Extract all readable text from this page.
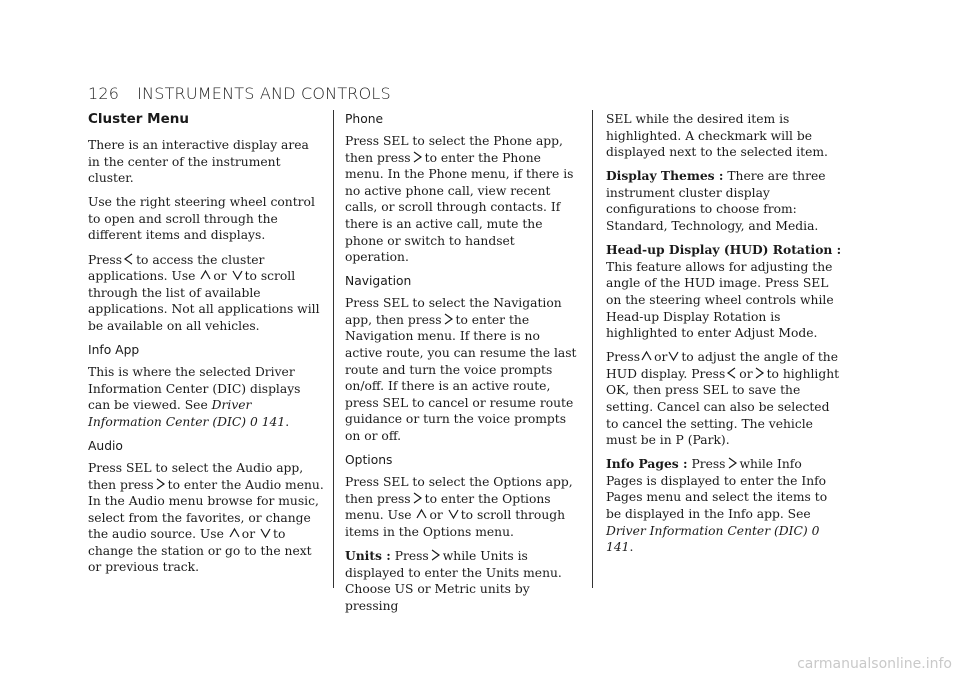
126 INSTRUMENTS AND CONTROLS
Cluster Menu

There is an interactive display area in the center of the instrument cluster.

Use the right steering wheel control to open and scroll through the different items and displays.

Press to access the cluster applications. Use or to scroll through the list of available applications. Not all applications will be available on all vehicles.

Info App

This is where the selected Driver Information Center (DIC) displays can be viewed. See Driver Information Center (DIC) 0 141.

Audio

Press SEL to select the Audio app, then press to enter the Audio menu. In the Audio menu browse for music, select from the favorites, or change the audio source. Use or to change the station or go to the next or previous track.

Phone

Press SEL to select the Phone app, then press to enter the Phone menu. In the Phone menu, if there is no active phone call, view recent calls, or scroll through contacts. If there is an active call, mute the phone or switch to handset operation.

Navigation

Press SEL to select the Navigation app, then press to enter the Navigation menu. If there is no active route, you can resume the last route and turn the voice prompts on/off. If there is an active route, press SEL to cancel or resume route guidance or turn the voice prompts on or off.

Options

Press SEL to select the Options app, then press to enter the Options menu. Use or to scroll through items in the Options menu.

Units : Press while Units is displayed to enter the Units menu. Choose US or Metric units by pressing

SEL while the desired item is highlighted. A checkmark will be displayed next to the selected item.

Display Themes : There are three instrument cluster display configurations to choose from: Standard, Technology, and Media.

Head-up Display (HUD) Rotation : This feature allows for adjusting the angle of the HUD image. Press SEL on the steering wheel controls while Head-up Display Rotation is highlighted to enter Adjust Mode.

Press or to adjust the angle of the HUD display. Press or to highlight OK, then press SEL to save the setting. Cancel can also be selected to cancel the setting. The vehicle must be in P (Park).

Info Pages : Press while Info Pages is displayed to enter the Info Pages menu and select the items to be displayed in the Info app. See Driver Information Center (DIC) 0 141.

carmanualsonline.info
